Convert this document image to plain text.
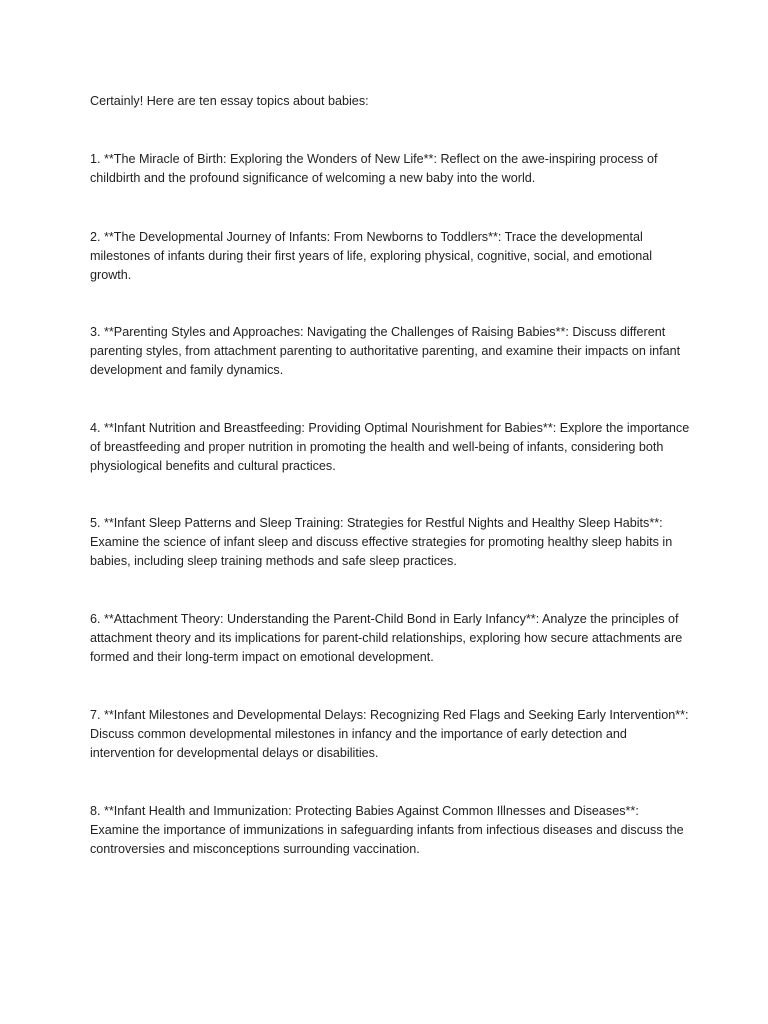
Certainly! Here are ten essay topics about babies:

1. **The Miracle of Birth: Exploring the Wonders of New Life**: Reflect on the awe-inspiring process of childbirth and the profound significance of welcoming a new baby into the world.

2. **The Developmental Journey of Infants: From Newborns to Toddlers**: Trace the developmental milestones of infants during their first years of life, exploring physical, cognitive, social, and emotional growth.

3. **Parenting Styles and Approaches: Navigating the Challenges of Raising Babies**: Discuss different parenting styles, from attachment parenting to authoritative parenting, and examine their impacts on infant development and family dynamics.

4. **Infant Nutrition and Breastfeeding: Providing Optimal Nourishment for Babies**: Explore the importance of breastfeeding and proper nutrition in promoting the health and well-being of infants, considering both physiological benefits and cultural practices.

5. **Infant Sleep Patterns and Sleep Training: Strategies for Restful Nights and Healthy Sleep Habits**: Examine the science of infant sleep and discuss effective strategies for promoting healthy sleep habits in babies, including sleep training methods and safe sleep practices.

6. **Attachment Theory: Understanding the Parent-Child Bond in Early Infancy**: Analyze the principles of attachment theory and its implications for parent-child relationships, exploring how secure attachments are formed and their long-term impact on emotional development.

7. **Infant Milestones and Developmental Delays: Recognizing Red Flags and Seeking Early Intervention**: Discuss common developmental milestones in infancy and the importance of early detection and intervention for developmental delays or disabilities.

8. **Infant Health and Immunization: Protecting Babies Against Common Illnesses and Diseases**: Examine the importance of immunizations in safeguarding infants from infectious diseases and discuss the controversies and misconceptions surrounding vaccination.
